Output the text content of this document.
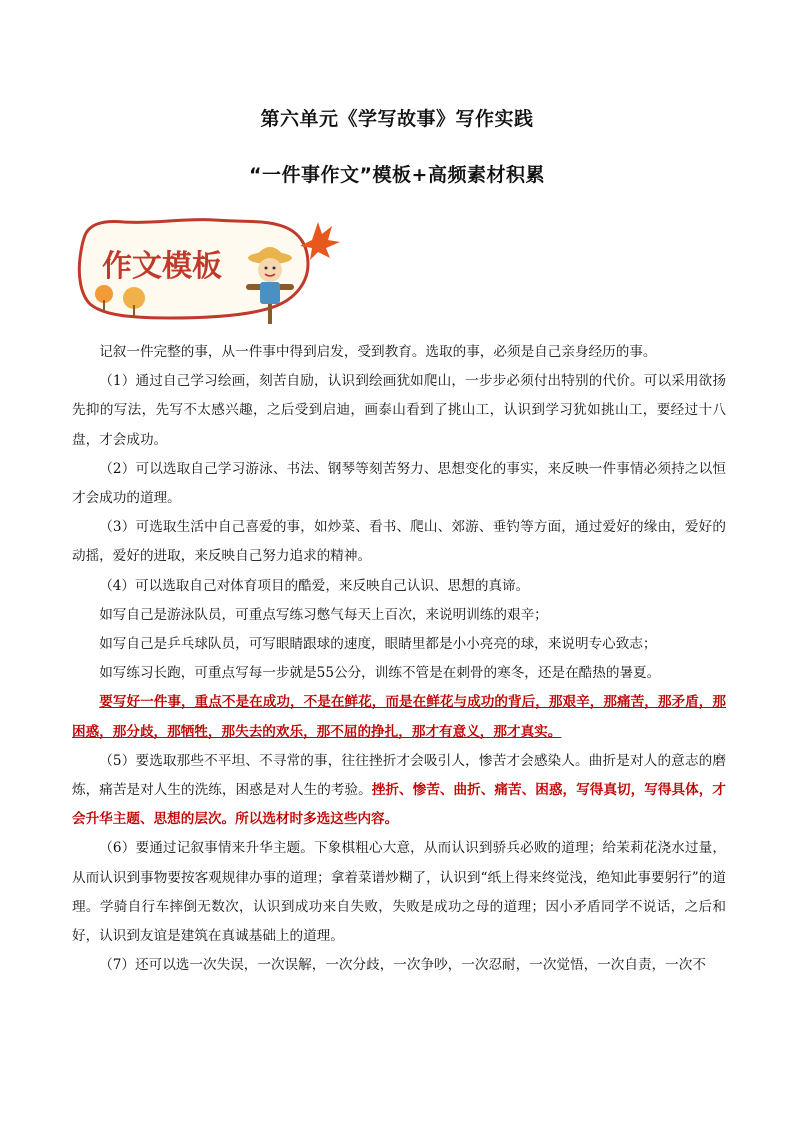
第六单元《学写故事》写作实践
“一件事作文”模板+高频素材积累
作文模板

记叙一件完整的事，从一件事中得到启发，受到教育。选取的事，必须是自己亲身经历的事。

（1）通过自己学习绘画，刻苦自励，认识到绘画犹如爬山，一步步必须付出特别的代价。可以采用欲扬先抑的写法，先写不太感兴趣，之后受到启迪，画泰山看到了挑山工，认识到学习犹如挑山工，要经过十八盘，才会成功。

（2）可以选取自己学习游泳、书法、钢琴等刻苦努力、思想变化的事实，来反映一件事情必须持之以恒才会成功的道理。

（3）可选取生活中自己喜爱的事，如炒菜、看书、爬山、郊游、垂钓等方面，通过爱好的缘由，爱好的动摇，爱好的进取，来反映自己努力追求的精神。

（4）可以选取自己对体育项目的酷爱，来反映自己认识、思想的真谛。

如写自己是游泳队员，可重点写练习憋气每天上百次，来说明训练的艰辛；

如写自己是乒乓球队员，可写眼睛跟球的速度，眼睛里都是小小亮亮的球，来说明专心致志；

如写练习长跑，可重点写每一步就是55公分，训练不管是在刺骨的寒冬，还是在酷热的暑夏。

要写好一件事，重点不是在成功，不是在鲜花，而是在鲜花与成功的背后，那艰辛，那痛苦，那矛盾，那困惑，那分歧，那牺牲，那失去的欢乐，那不屈的挣扎，那才有意义，那才真实。

（5）要选取那些不平坦、不寻常的事，往往挫折才会吸引人，惨苦才会感染人。曲折是对人的意志的磨炼，痛苦是对人生的洗练，困惑是对人生的考验。挫折、惨苦、曲折、痛苦、困惑，写得真切，写得具体，才会升华主题、思想的层次。所以选材时多选这些内容。

（6）要通过记叙事情来升华主题。下象棋粗心大意，从而认识到骄兵必败的道理；给茉莉花浇水过量，从而认识到事物要按客观规律办事的道理；拿着菜谱炒糊了，认识到“纸上得来终觉浅，绝知此事要躬行”的道理。学骑自行车摔倒无数次，认识到成功来自失败，失败是成功之母的道理；因小矛盾同学不说话，之后和好，认识到友谊是建筑在真诚基础上的道理。

（7）还可以选一次失误，一次误解，一次分歧，一次争吵，一次忍耐，一次觉悟，一次自责，一次不
